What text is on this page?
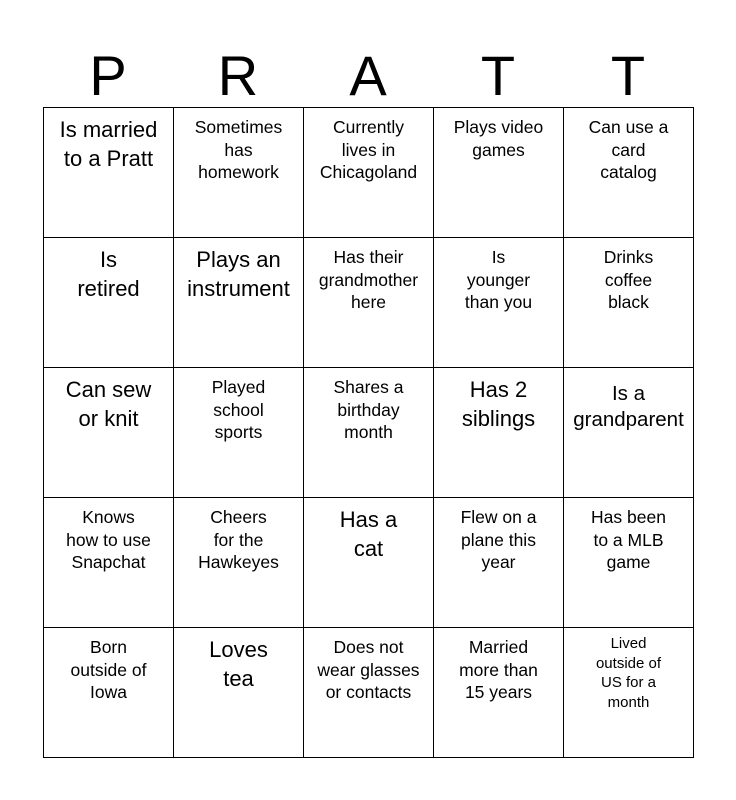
P	R	A	T	T
Is married
to a Pratt	Sometimes
has
homework	Currently
lives in
Chicagoland	Plays video
games	Can use a
card
catalog

Is
retired	Plays an
instrument	Has their
grandmother
here	Is
younger
than you	Drinks
coffee
black

Can sew
or knit	Played
school
sports	Shares a
birthday
month	Has 2
siblings	Is a
grandparent

Knows
how to use
Snapchat	Cheers
for the
Hawkeyes	Has a
cat	Flew on a
plane this
year	Has been
to a MLB
game

Born
outside of
Iowa	Loves
tea	Does not
wear glasses
or contacts	Married
more than
15 years	Lived
outside of
US for a
month
